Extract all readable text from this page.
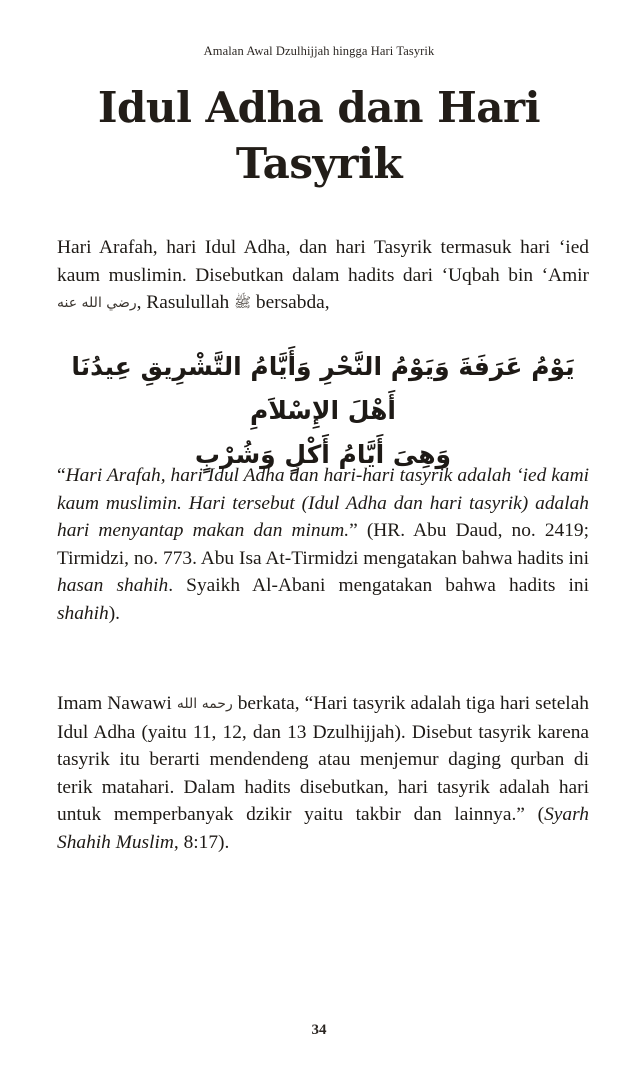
Amalan Awal Dzulhijjah hingga Hari Tasyrik
Idul Adha dan Hari Tasyrik

Hari Arafah, hari Idul Adha, dan hari Tasyrik termasuk hari ‘ied kaum muslimin. Disebutkan dalam hadits dari ‘Uqbah bin ‘Amir رضي الله عنه, Rasulullah ﷺ bersabda,

يَوْمُ عَرَفَةَ وَيَوْمُ النَّحْرِ وَأَيَّامُ التَّشْرِيقِ عِيدُنَا أَهْلَ الإِسْلاَمِ
وَهِىَ أَيَّامُ أَكْلٍ وَشُرْبٍ

“Hari Arafah, hari Idul Adha dan hari-hari tasyrik adalah ‘ied kami kaum muslimin. Hari tersebut (Idul Adha dan hari tasyrik) adalah hari menyantap makan dan minum.” (HR. Abu Daud, no. 2419; Tirmidzi, no. 773. Abu Isa At-Tirmidzi mengatakan bahwa hadits ini hasan shahih. Syaikh Al-Abani mengatakan bahwa hadits ini shahih).

Imam Nawawi رحمه الله berkata, “Hari tasyrik adalah tiga hari setelah Idul Adha (yaitu 11, 12, dan 13 Dzulhijjah). Disebut tasyrik karena tasyrik itu berarti mendendeng atau menjemur daging qurban di terik matahari. Dalam hadits disebutkan, hari tasyrik adalah hari untuk memperbanyak dzikir yaitu takbir dan lainnya.” (Syarh Shahih Muslim, 8:17).

34
